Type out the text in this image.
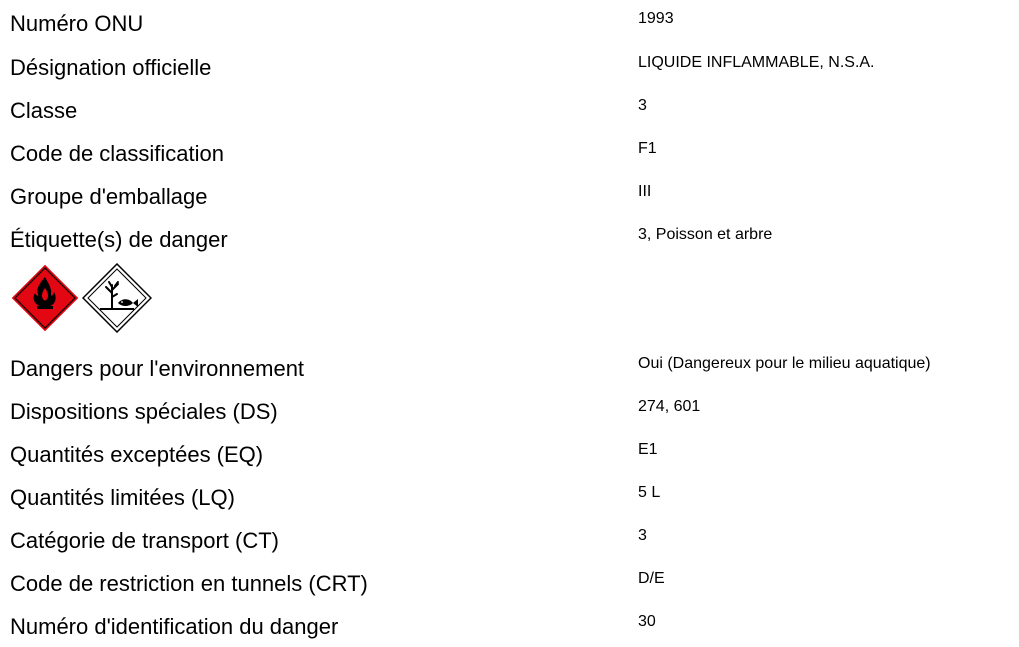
Numéro ONU	1993
Désignation officielle	LIQUIDE INFLAMMABLE, N.S.A.
Classe	3
Code de classification	F1
Groupe d'emballage	III
Étiquette(s) de danger	3, Poisson et arbre
Dangers pour l'environnement	Oui (Dangereux pour le milieu aquatique)
Dispositions spéciales (DS)	274, 601
Quantités exceptées (EQ)	E1
Quantités limitées (LQ)	5 L
Catégorie de transport (CT)	3
Code de restriction en tunnels (CRT)	D/E
Numéro d'identification du danger	30
